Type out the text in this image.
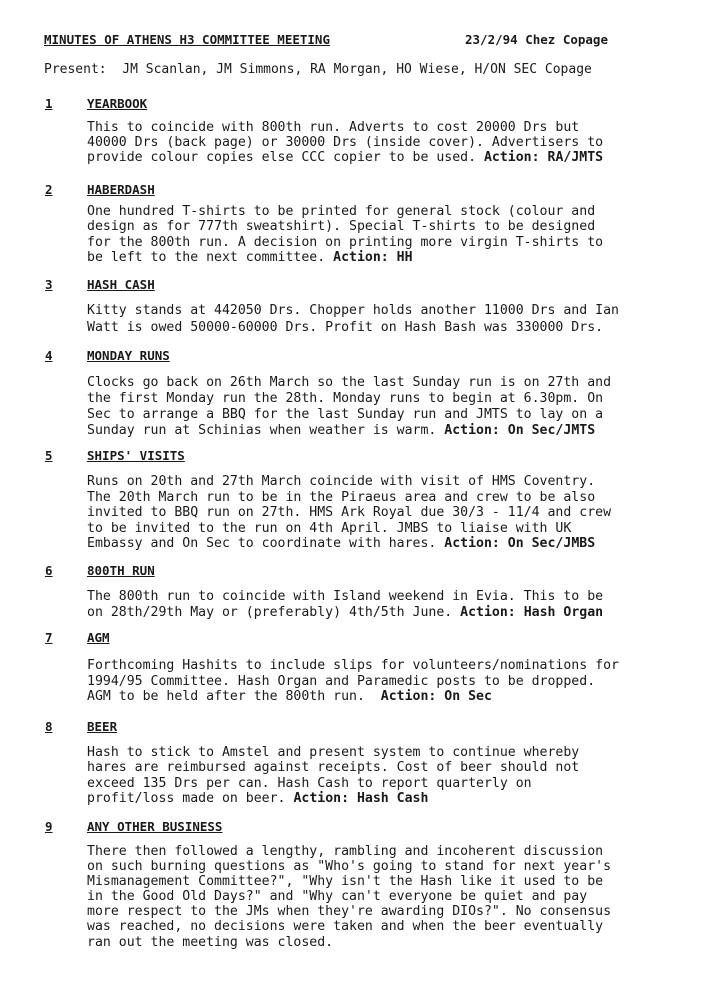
MINUTES OF ATHENS H3 COMMITTEE MEETING	23/2/94 Chez Copage
Present:  JM Scanlan, JM Simmons, RA Morgan, HO Wiese, H/ON SEC Copage
1	YEARBOOK
This to coincide with 800th run. Adverts to cost 20000 Drs but
40000 Drs (back page) or 30000 Drs (inside cover). Advertisers to
provide colour copies else CCC copier to be used. Action: RA/JMTS
2	HABERDASH
One hundred T-shirts to be printed for general stock (colour and
design as for 777th sweatshirt). Special T-shirts to be designed
for the 800th run. A decision on printing more virgin T-shirts to
be left to the next committee. Action: HH
3	HASH CASH
Kitty stands at 442050 Drs. Chopper holds another 11000 Drs and Ian
Watt is owed 50000-60000 Drs. Profit on Hash Bash was 330000 Drs.
4	MONDAY RUNS
Clocks go back on 26th March so the last Sunday run is on 27th and
the first Monday run the 28th. Monday runs to begin at 6.30pm. On
Sec to arrange a BBQ for the last Sunday run and JMTS to lay on a
Sunday run at Schinias when weather is warm. Action: On Sec/JMTS
5	SHIPS' VISITS
Runs on 20th and 27th March coincide with visit of HMS Coventry.
The 20th March run to be in the Piraeus area and crew to be also
invited to BBQ run on 27th. HMS Ark Royal due 30/3 - 11/4 and crew
to be invited to the run on 4th April. JMBS to liaise with UK
Embassy and On Sec to coordinate with hares. Action: On Sec/JMBS
6	800TH RUN
The 800th run to coincide with Island weekend in Evia. This to be
on 28th/29th May or (preferably) 4th/5th June. Action: Hash Organ
7	AGM
Forthcoming Hashits to include slips for volunteers/nominations for
1994/95 Committee. Hash Organ and Paramedic posts to be dropped.
AGM to be held after the 800th run.  Action: On Sec
8	BEER
Hash to stick to Amstel and present system to continue whereby
hares are reimbursed against receipts. Cost of beer should not
exceed 135 Drs per can. Hash Cash to report quarterly on
profit/loss made on beer. Action: Hash Cash
9	ANY OTHER BUSINESS
There then followed a lengthy, rambling and incoherent discussion
on such burning questions as "Who's going to stand for next year's
Mismanagement Committee?", "Why isn't the Hash like it used to be
in the Good Old Days?" and "Why can't everyone be quiet and pay
more respect to the JMs when they're awarding DIOs?". No consensus
was reached, no decisions were taken and when the beer eventually
ran out the meeting was closed.
